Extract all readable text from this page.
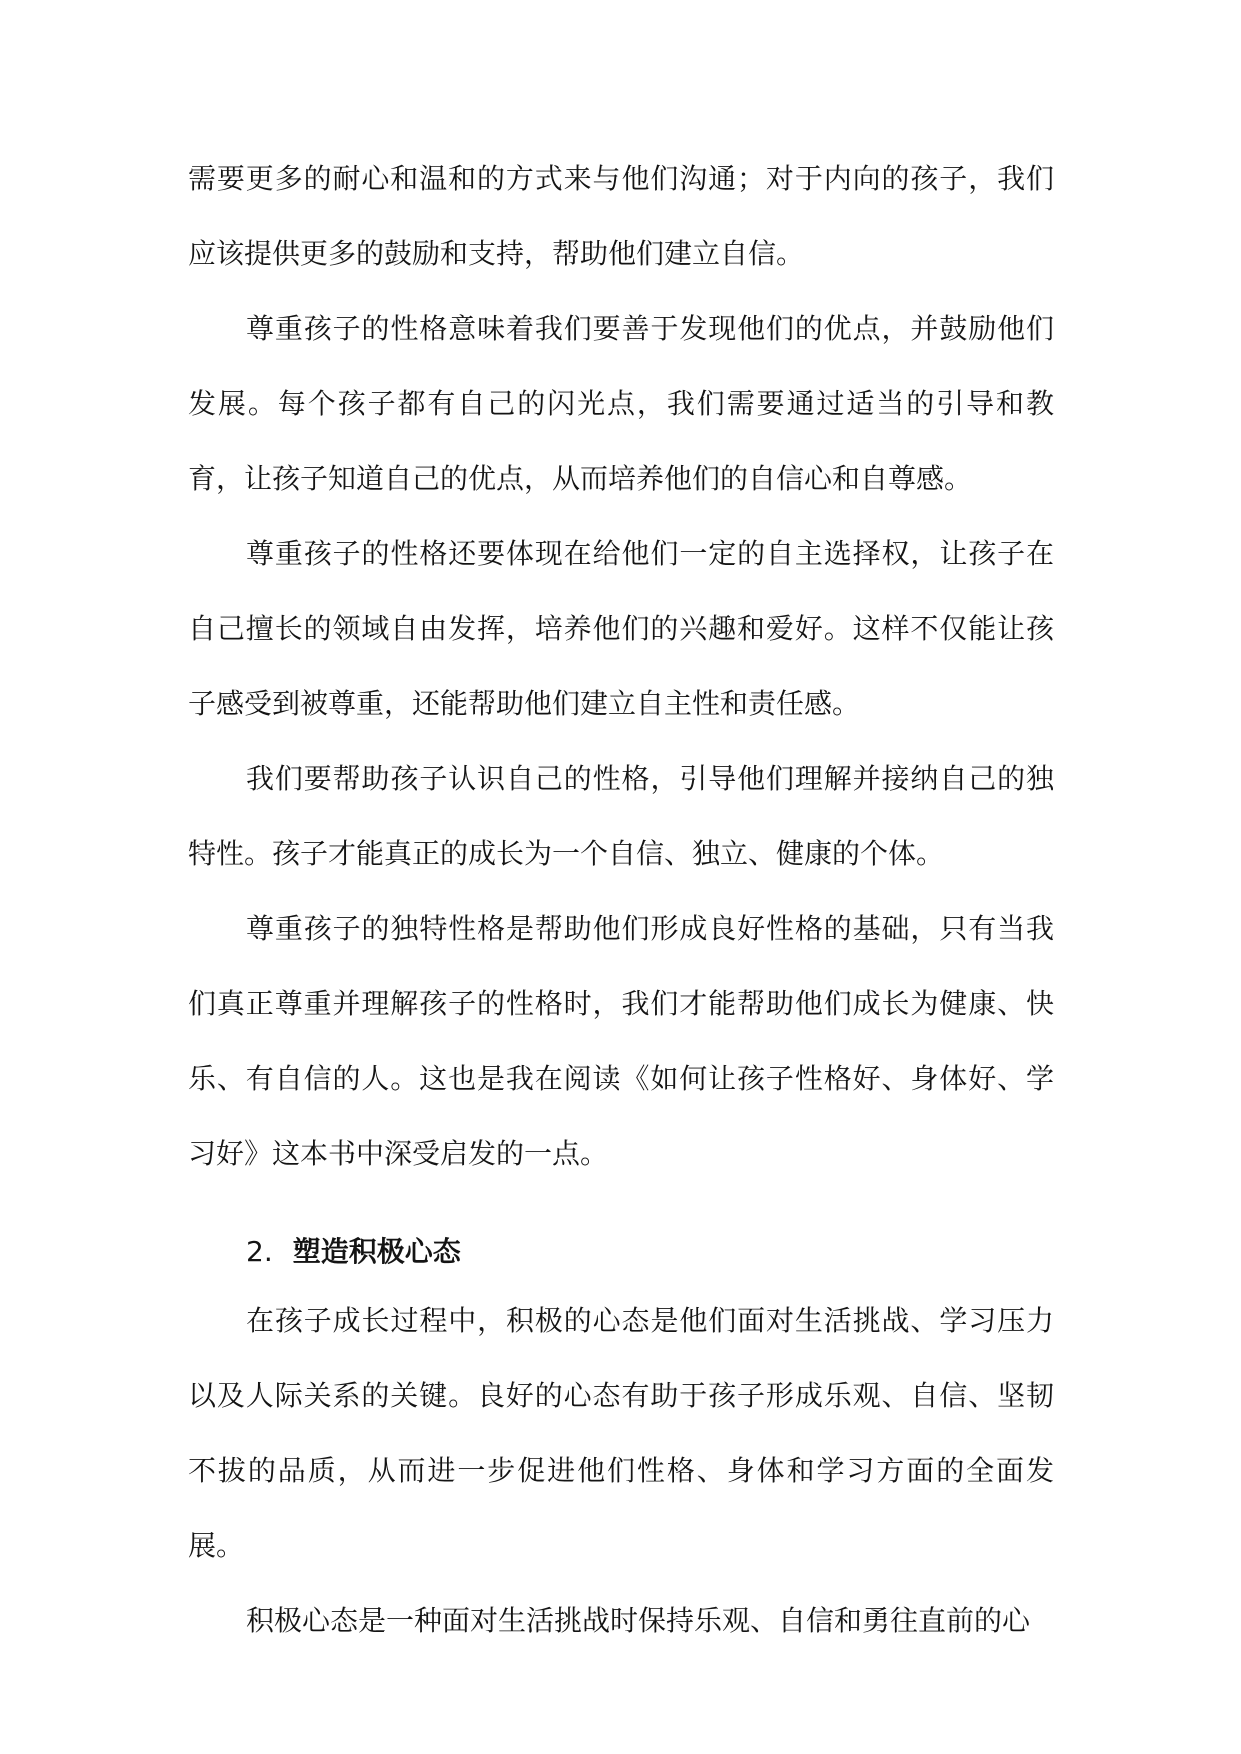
需要更多的耐心和温和的方式来与他们沟通；对于内向的孩子，我们应该提供更多的鼓励和支持，帮助他们建立自信。

尊重孩子的性格意味着我们要善于发现他们的优点，并鼓励他们发展。每个孩子都有自己的闪光点，我们需要通过适当的引导和教育，让孩子知道自己的优点，从而培养他们的自信心和自尊感。

尊重孩子的性格还要体现在给他们一定的自主选择权，让孩子在自己擅长的领域自由发挥，培养他们的兴趣和爱好。这样不仅能让孩子感受到被尊重，还能帮助他们建立自主性和责任感。

我们要帮助孩子认识自己的性格，引导他们理解并接纳自己的独特性。孩子才能真正的成长为一个自信、独立、健康的个体。

尊重孩子的独特性格是帮助他们形成良好性格的基础，只有当我们真正尊重并理解孩子的性格时，我们才能帮助他们成长为健康、快乐、有自信的人。这也是我在阅读《如何让孩子性格好、身体好、学习好》这本书中深受启发的一点。

2. 塑造积极心态

在孩子成长过程中，积极的心态是他们面对生活挑战、学习压力以及人际关系的关键。良好的心态有助于孩子形成乐观、自信、坚韧不拔的品质，从而进一步促进他们性格、身体和学习方面的全面发展。

积极心态是一种面对生活挑战时保持乐观、自信和勇往直前的心
